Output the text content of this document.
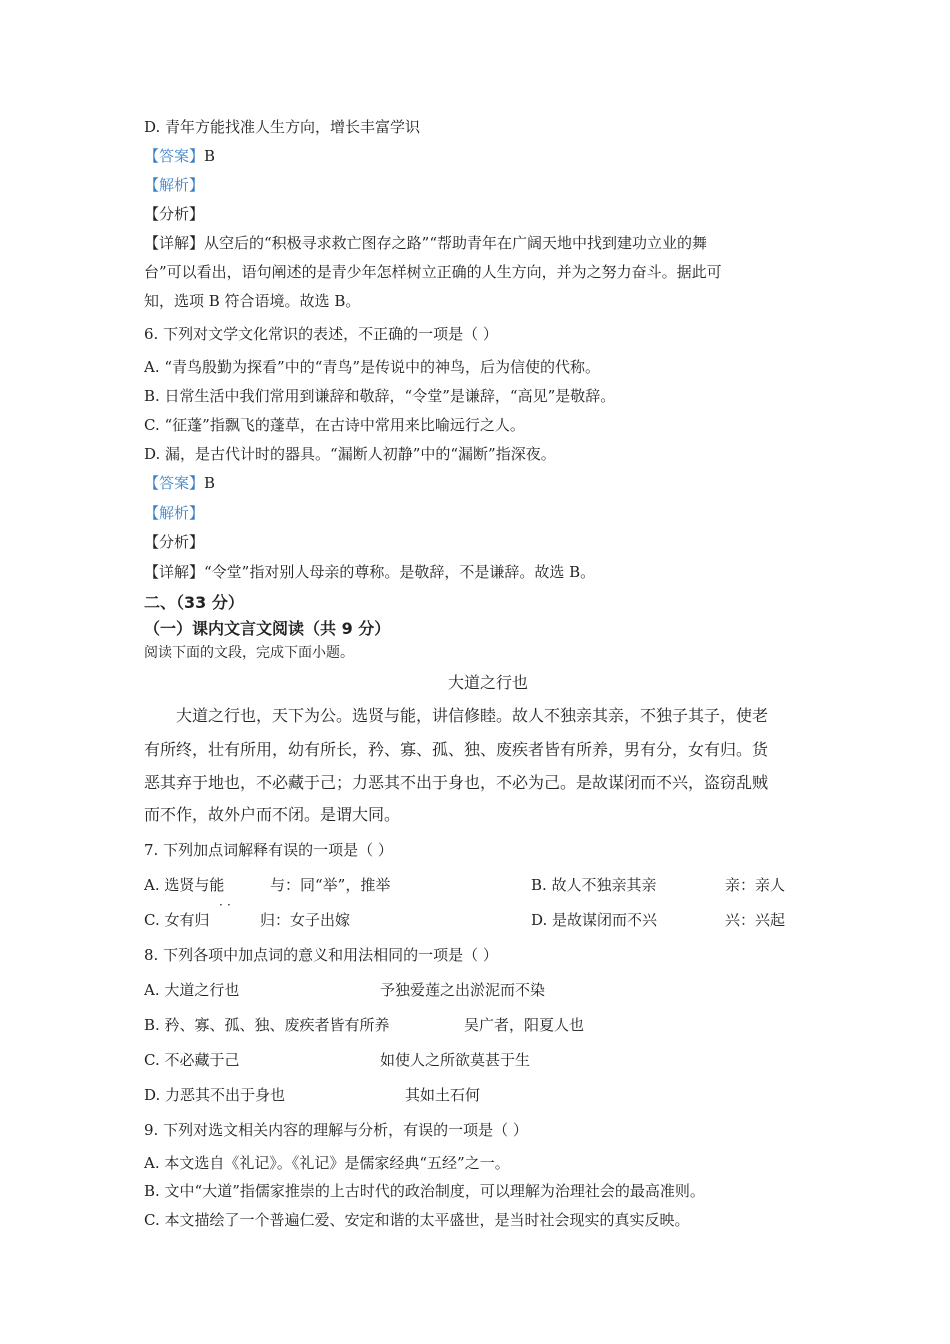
D. 青年方能找准人生方向，增长丰富学识
【答案】B
【解析】
【分析】
【详解】从空后的“积极寻求救亡图存之路”“帮助青年在广阔天地中找到建功立业的舞
台”可以看出，语句阐述的是青少年怎样树立正确的人生方向，并为之努力奋斗。据此可
知，选项 B 符合语境。故选 B。
6. 下列对文学文化常识的表述，不正确的一项是（ ）
A. “青鸟殷勤为探看”中的“青鸟”是传说中的神鸟，后为信使的代称。
B. 日常生活中我们常用到谦辞和敬辞，“令堂”是谦辞，“高见”是敬辞。
C. “征蓬”指飘飞的蓬草，在古诗中常用来比喻远行之人。
D. 漏，是古代计时的器具。“漏断人初静”中的“漏断”指深夜。
【答案】B
【解析】
【分析】
【详解】“令堂”指对别人母亲的尊称。是敬辞，不是谦辞。故选 B。
二、（33 分）
（一）课内文言文阅读（共 9 分）
阅读下面的文段，完成下面小题。
大道之行也
大道之行也，天下为公。选贤与能，讲信修睦。故人不独亲其亲，不独子其子，使老
有所终，壮有所用，幼有所长，矜、寡、孤、独、废疾者皆有所养，男有分，女有归。货
恶其弃于地也，不必藏于己；力恶其不出于身也，不必为己。是故谋闭而不兴，盗窃乱贼
而不作，故外户而不闭。是谓大同。
7. 下列加点词解释有误的一项是（ ）
A. 选贤与能	与：同“举”，推举	B. 故人不独亲其亲	亲：亲人
· ·
C. 女有归	归：女子出嫁	D. 是故谋闭而不兴	兴：兴起
8. 下列各项中加点词的意义和用法相同的一项是（ ）
A. 大道之行也	予独爱莲之出淤泥而不染
B. 矜、寡、孤、独、废疾者皆有所养	吴广者，阳夏人也
C. 不必藏于己	如使人之所欲莫甚于生
D. 力恶其不出于身也	其如土石何
9. 下列对选文相关内容的理解与分析，有误的一项是（ ）
A. 本文选自《礼记》。《礼记》是儒家经典“五经”之一。
B. 文中“大道”指儒家推崇的上古时代的政治制度，可以理解为治理社会的最高准则。
C. 本文描绘了一个普遍仁爱、安定和谐的太平盛世，是当时社会现实的真实反映。
